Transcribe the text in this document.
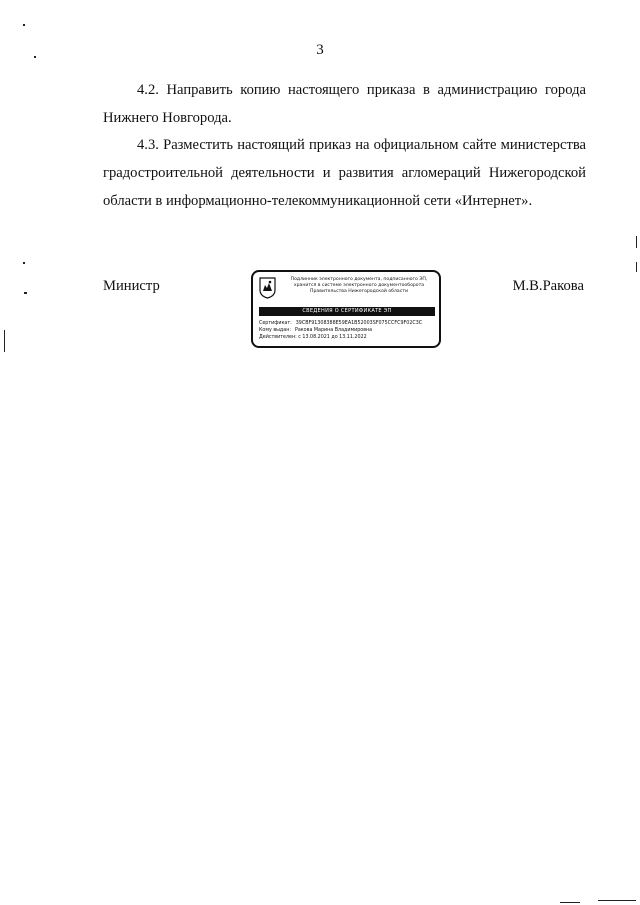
3

4.2. Направить копию настоящего приказа в администрацию города Нижнего Новгорода.

4.3. Разместить настоящий приказ на официальном сайте министерства градостроительной деятельности и развития агломераций Нижегородской области в информационно-телекоммуникационной сети «Интернет».

Министр	Подлинник электронного документа, подписанного ЭП,
хранится в системе электронного документооборота
Правительства Нижегородской области
СВЕДЕНИЯ О СЕРТИФИКАТЕ ЭП
Сертификат: 39CBF91308388E59EA1B52003SF075CCFC9F02C3C
Кому выдан: Ракова Марина Владимировна
Действителен: с 13.08.2021 до 13.11.2022
М.В.Ракова
